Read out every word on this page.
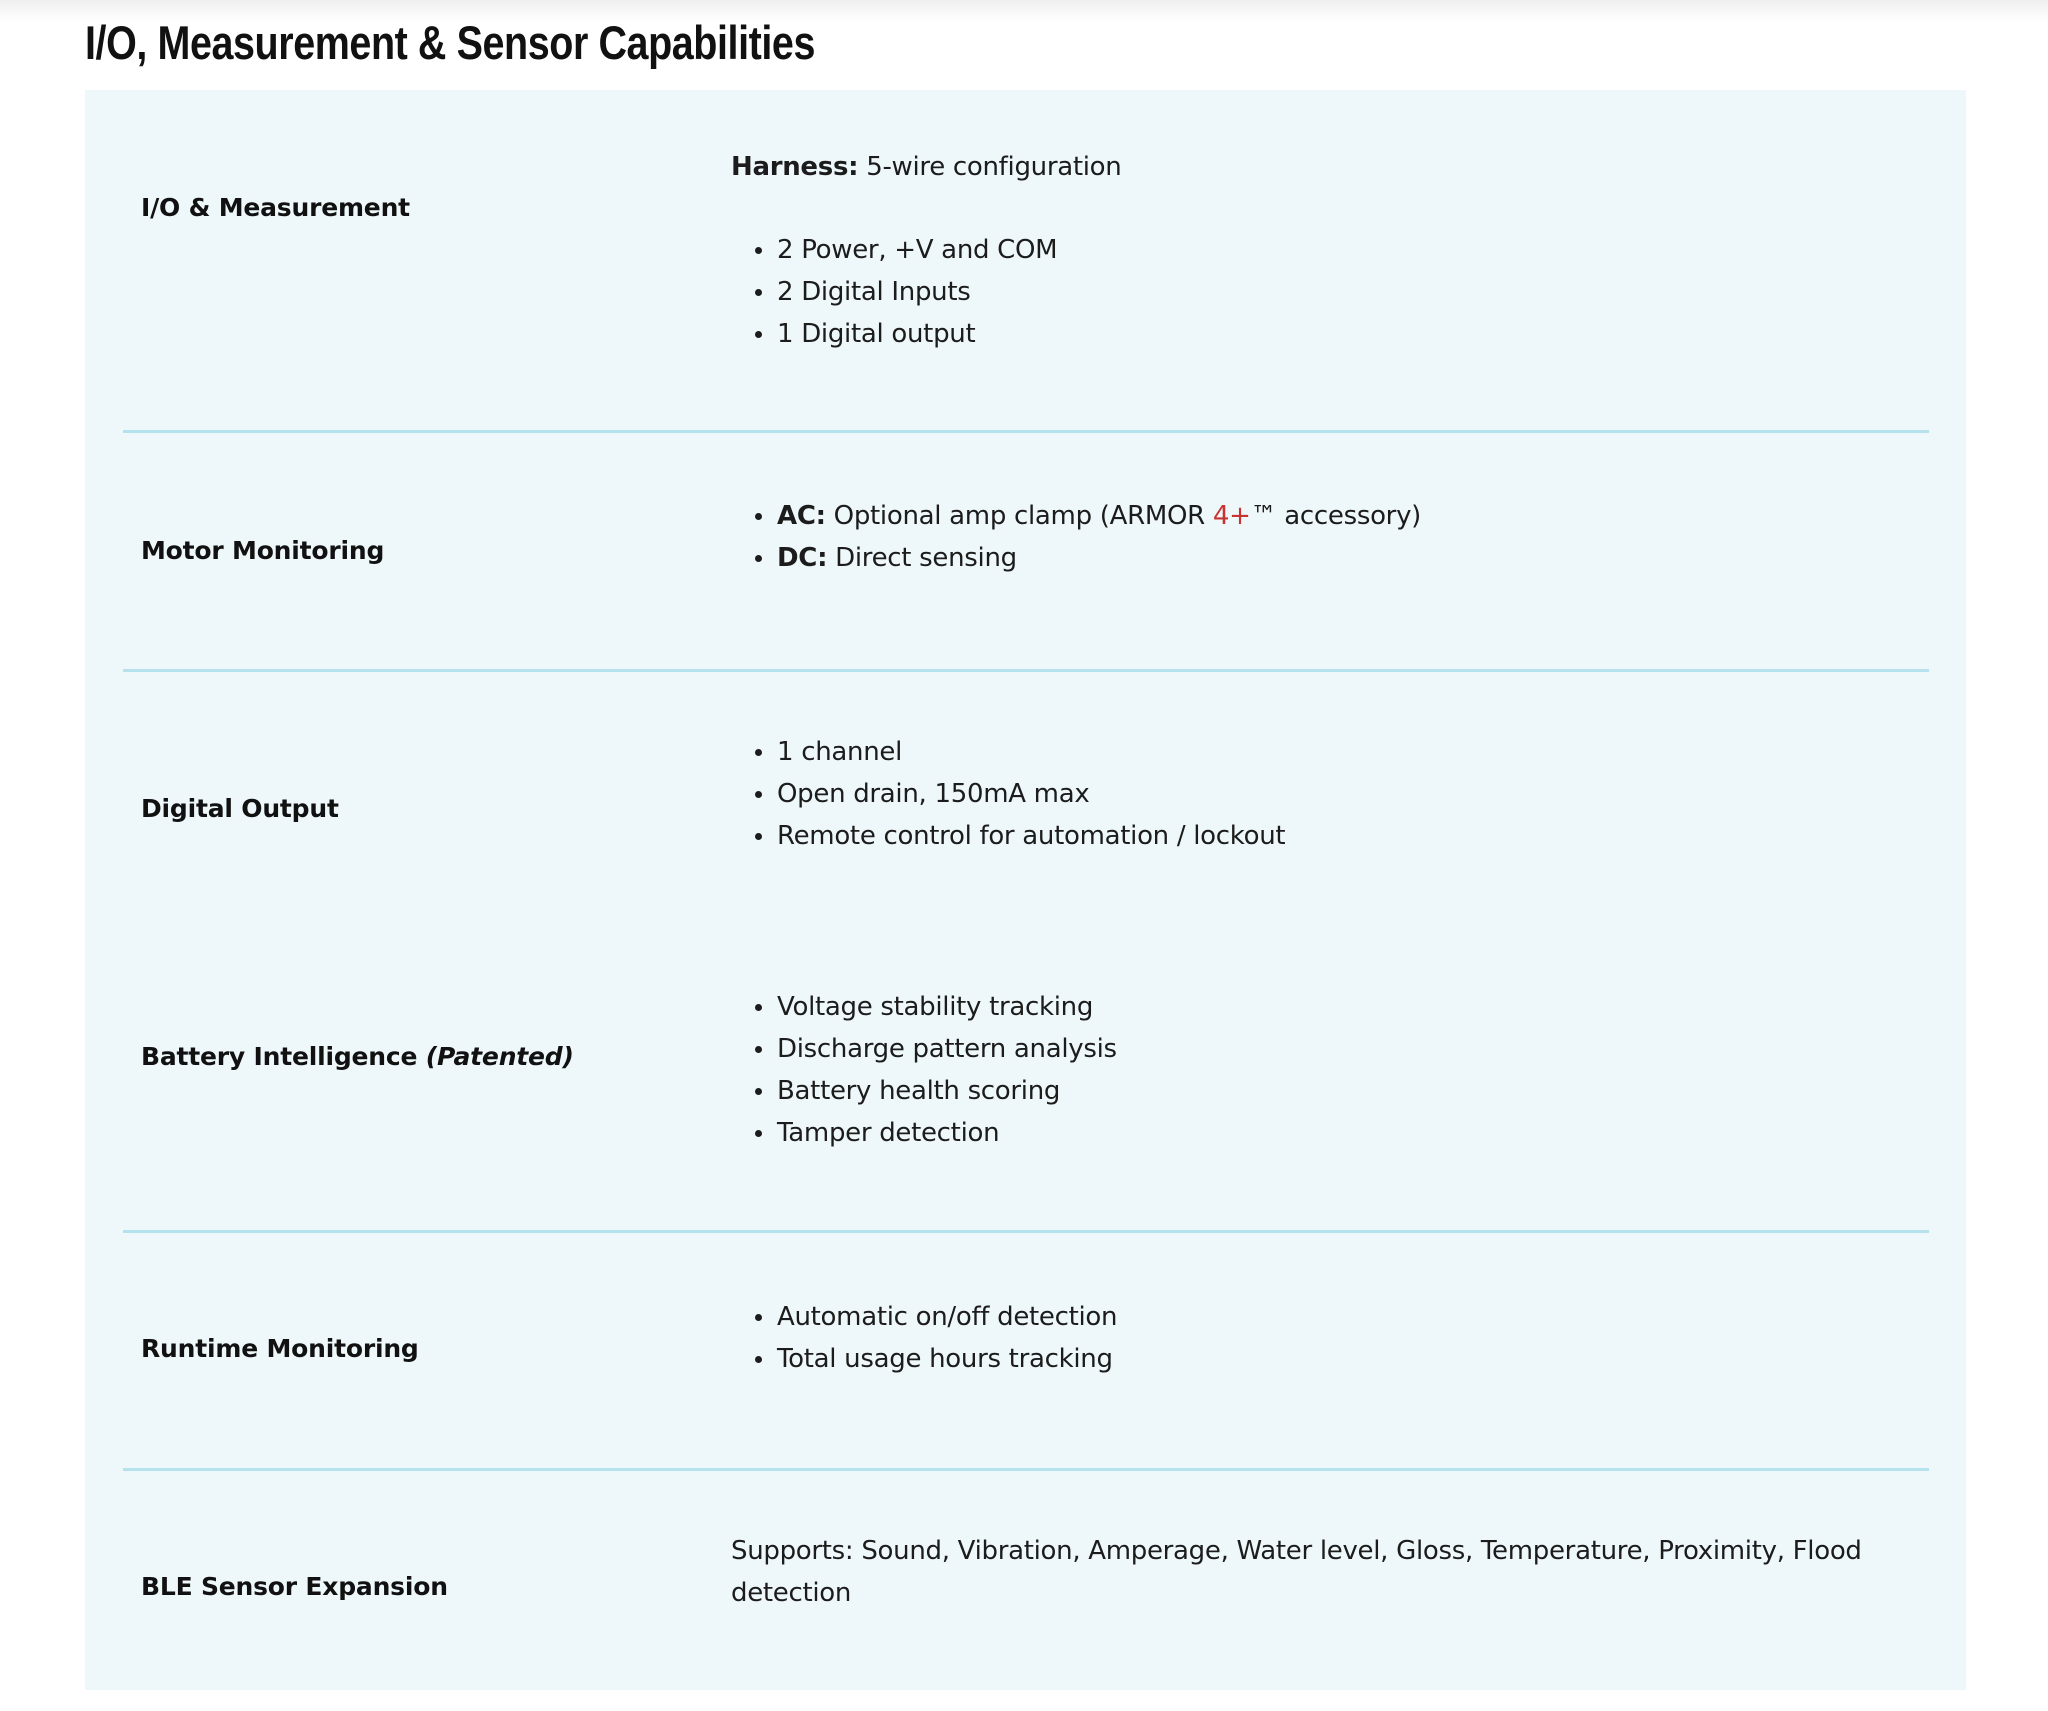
I/O, Measurement & Sensor Capabilities
I/O & Measurement
Harness: 5-wire configuration
2 Power, +V and COM
2 Digital Inputs
1 Digital output
Motor Monitoring
AC: Optional amp clamp (ARMOR 4+™ accessory)
DC: Direct sensing
Digital Output
1 channel
Open drain, 150mA max
Remote control for automation / lockout
Battery Intelligence (Patented)
Voltage stability tracking
Discharge pattern analysis
Battery health scoring
Tamper detection
Runtime Monitoring
Automatic on/off detection
Total usage hours tracking
BLE Sensor Expansion
Supports: Sound, Vibration, Amperage, Water level, Gloss, Temperature, Proximity, Flood detection
